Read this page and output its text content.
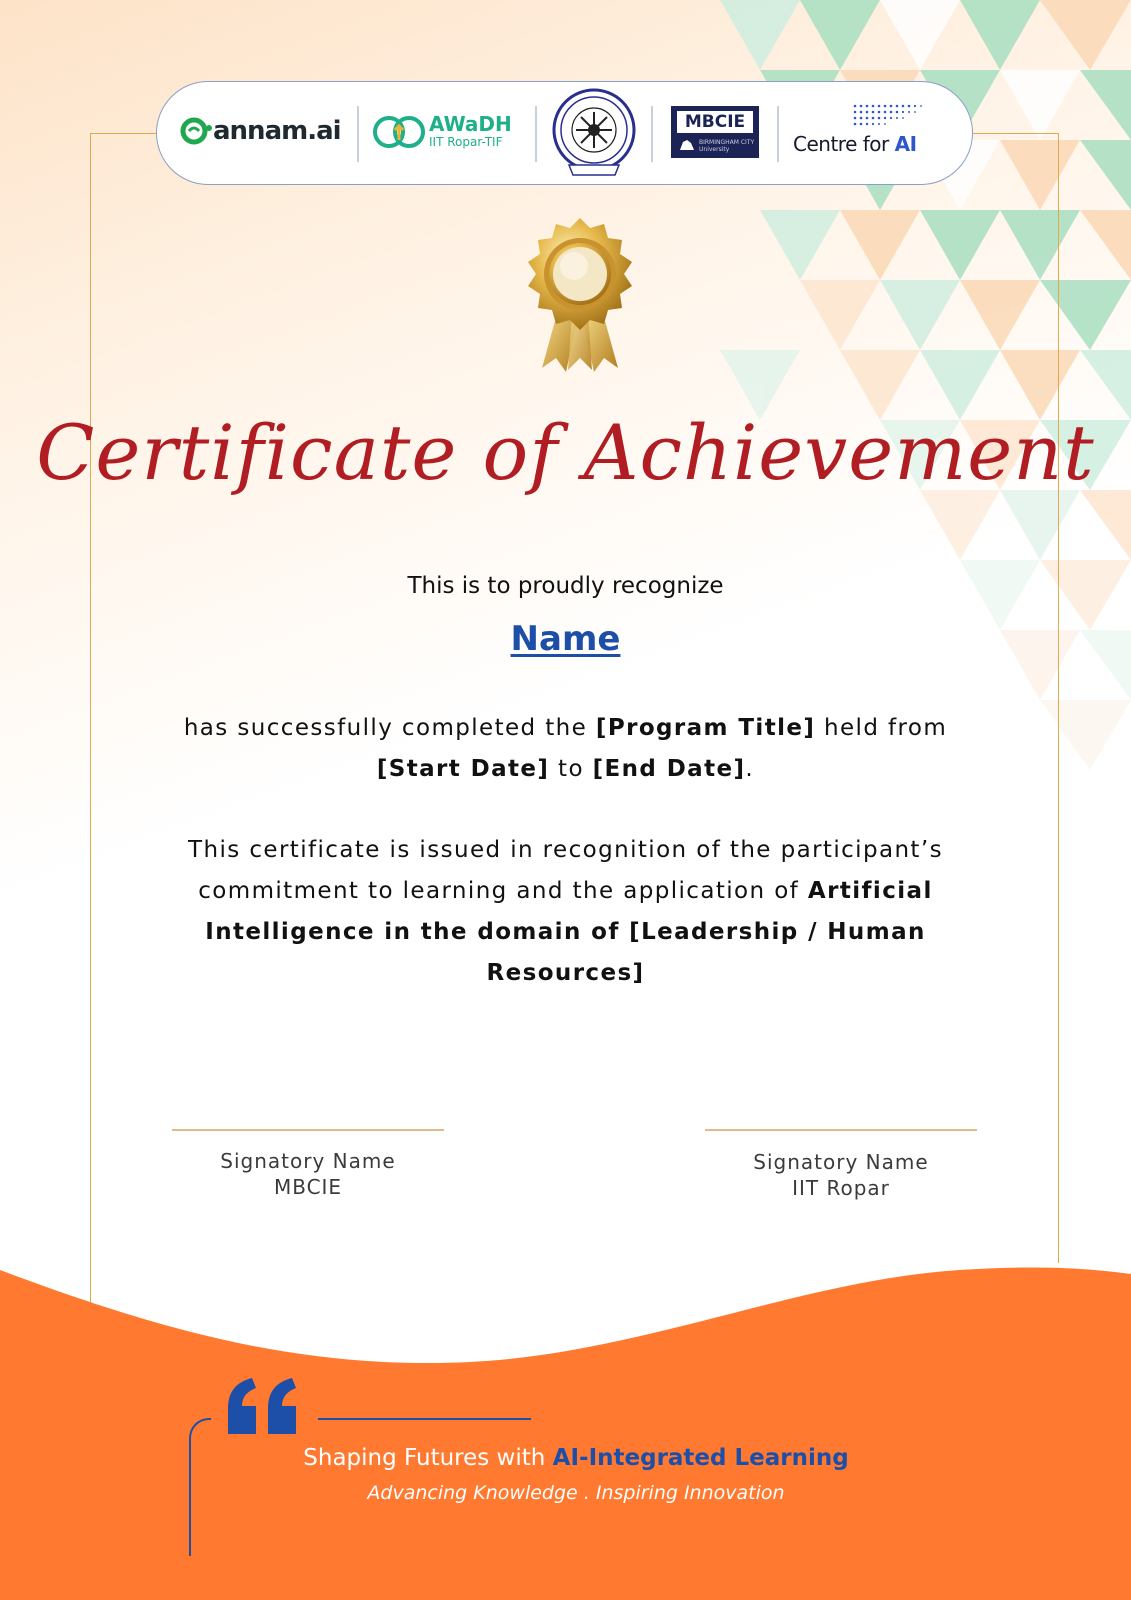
annam.ai	AWaDH
IIT Ropar-TIF
MBCIE
BIRMINGHAM CITY
University	Centre for AI
Certificate of Achievement
This is to proudly recognize
Name
has successfully completed the [Program Title] held from
[Start Date] to [End Date].
This certificate is issued in recognition of the participant’s commitment to learning and the application of Artificial Intelligence in the domain of [Leadership / Human Resources]
Signatory Name
MBCIE
Signatory Name
IIT Ropar
Shaping Futures with AI-Integrated Learning
Advancing Knowledge . Inspiring Innovation
